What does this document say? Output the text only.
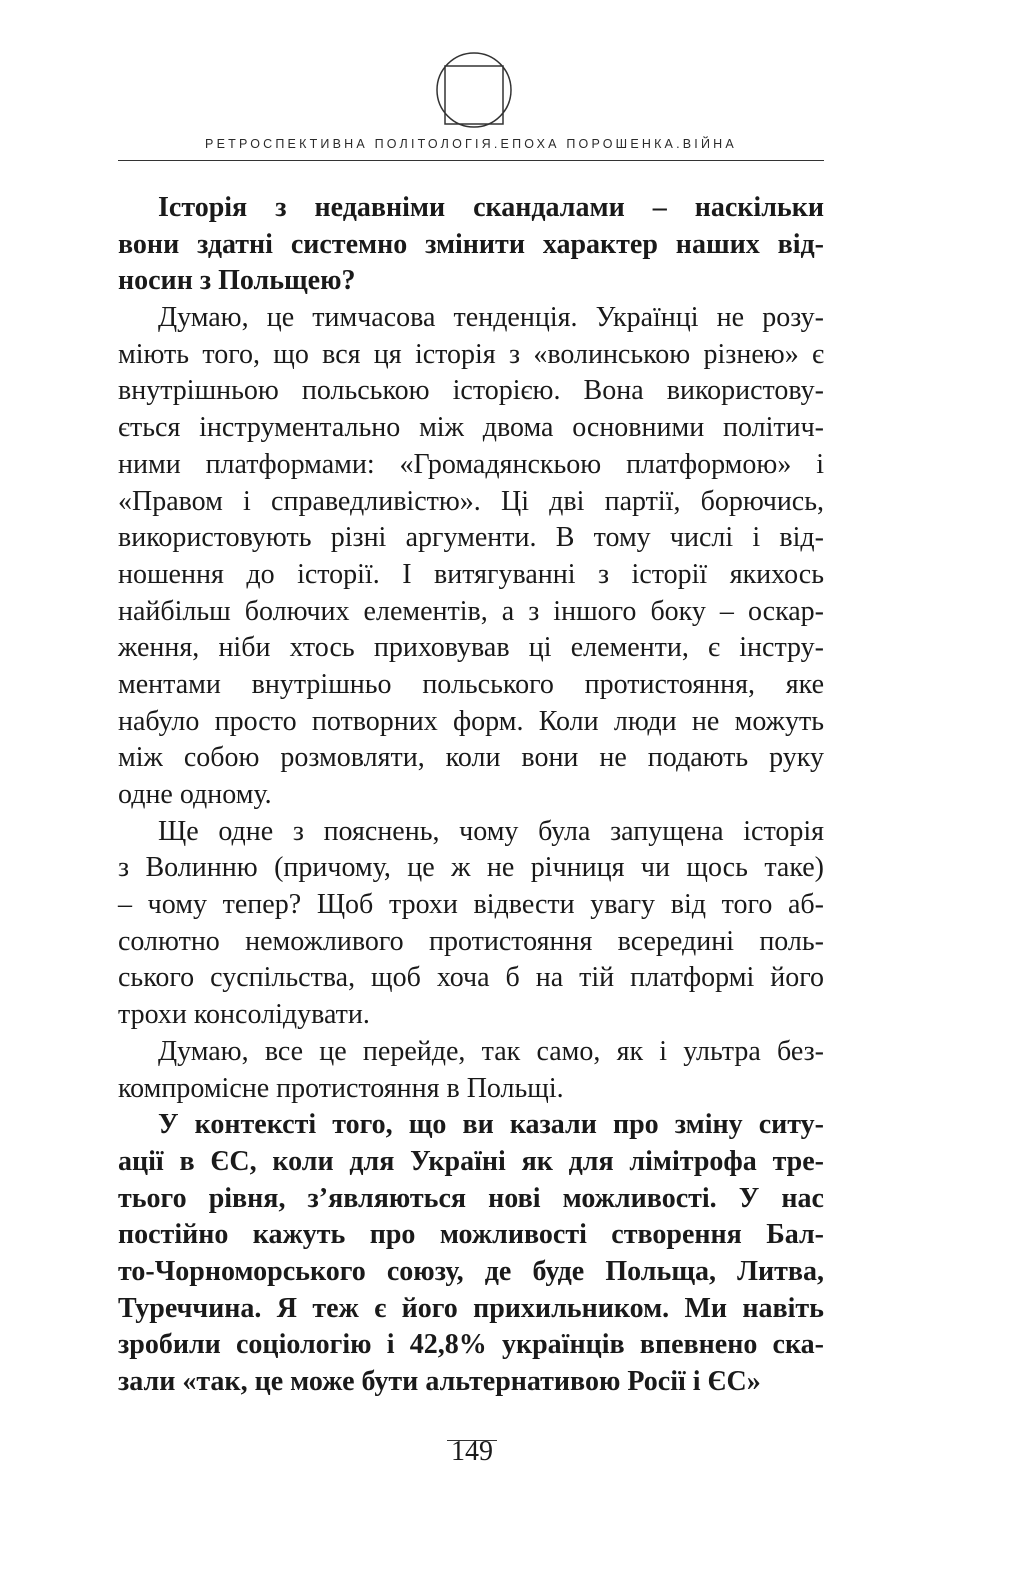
РЕТРОСПЕКТИВНА ПОЛІТОЛОГІЯ.ЕПОХА ПОРОШЕНКА.ВІЙНА
Історія з недавніми скандалами – наскільки
вони здатні системно змінити характер наших від-
носин з Польщею?
Думаю, це тимчасова тенденція. Українці не розу-
міють того, що вся ця історія з «волинською різнею» є
внутрішньою польською історією. Вона використову-
ється інструментально між двома основними політич-
ними платформами: «Громадянскьою платформою» і
«Правом і справедливістю». Ці дві партії, борючись,
використовують різні аргументи. В тому числі і від-
ношення до історії. І витягуванні з історії якихось
найбільш болючих елементів, а з іншого боку – оскар-
ження, ніби хтось приховував ці елементи, є інстру-
ментами внутрішньо польського протистояння, яке
набуло просто потворних форм. Коли люди не можуть
між собою розмовляти, коли вони не подають руку
одне одному.
Ще одне з пояснень, чому була запущена історія
з Волинню (причому, це ж не річниця чи щось таке)
– чому тепер? Щоб трохи відвести увагу від того аб-
солютно неможливого протистояння всередині поль-
ського суспільства, щоб хоча б на тій платформі його
трохи консолідувати.
Думаю, все це перейде, так само, як і ультра без-
компромісне протистояння в Польщі.
У контексті того, що ви казали про зміну ситу-
ації в ЄС, коли для Україні як для лімітрофа тре-
тього рівня, з’являються нові можливості. У нас
постійно кажуть про можливості створення Бал-
то-Чорноморського союзу, де буде Польща, Литва,
Туреччина. Я теж є його прихильником. Ми навіть
зробили соціологію і 42,8% українців впевнено ска-
зали «так, це може бути альтернативою Росії і ЄС»
149
